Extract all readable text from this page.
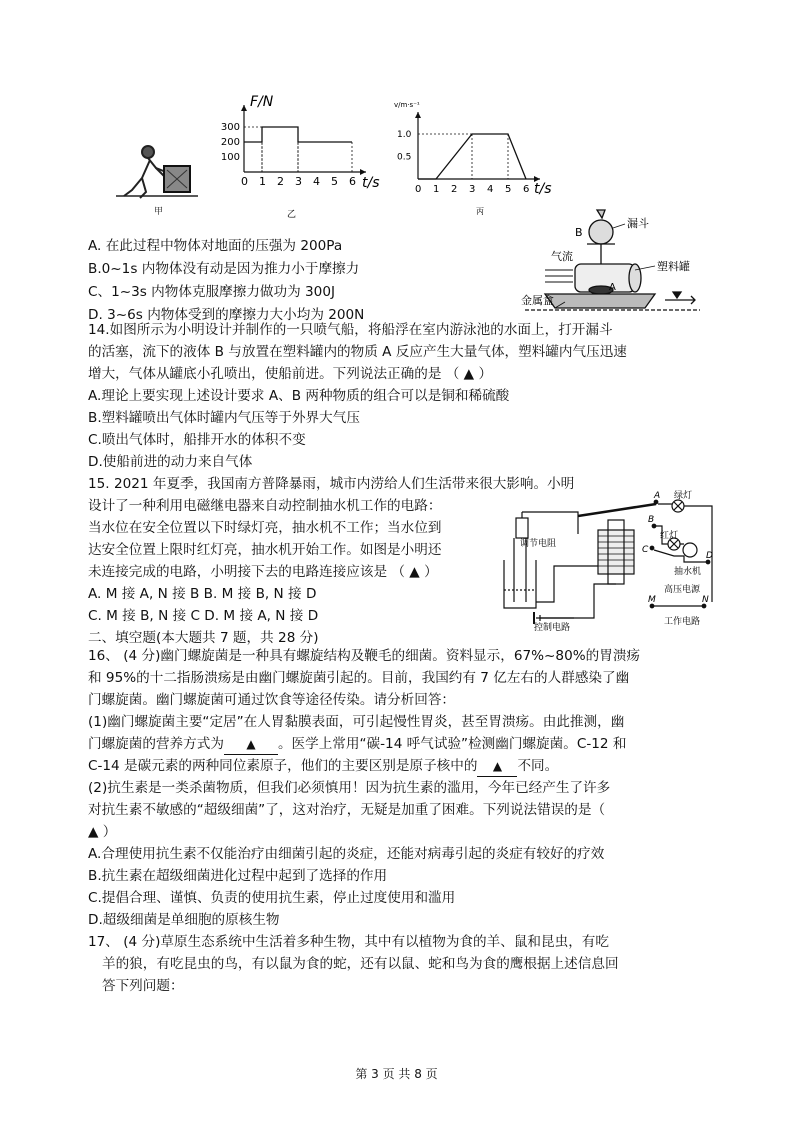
甲
F/N
t/s
乙
0 1 2 3 4 5 6
300
200
100
v/m·s⁻¹
t/s
丙
0 1 2 3 4 5 6
1.0
0.5
A. 在此过程中物体对地面的压强为 200Pa
B.0~1s 内物体没有动是因为推力小于摩擦力
C、1~3s 内物体克服摩擦力做功为 300J
D. 3~6s 内物体受到的摩擦力大小均为 200N
漏斗
B
气流
塑料罐
A
金属盒
14.如图所示为小明设计并制作的一只喷气船，将船浮在室内游泳池的水面上，打开漏斗
的活塞，流下的液体 B 与放置在塑料罐内的物质 A 反应产生大量气体，塑料罐内气压迅速
增大，气体从罐底小孔喷出，使船前进。下列说法正确的是 （ ▲ ）
A.理论上要实现上述设计要求 A、B 两种物质的组合可以是铜和稀硫酸
B.塑料罐喷出气体时罐内气压等于外界大气压
C.喷出气体时，船排开水的体积不变
D.使船前进的动力来自气体
15. 2021 年夏季，我国南方普降暴雨，城市内涝给人们生活带来很大影响。小明
设计了一种利用电磁继电器来自动控制抽水机工作的电路：
当水位在安全位置以下时绿灯亮，抽水机不工作；当水位到
达安全位置上限时红灯亮，抽水机开始工作。如图是小明还
未连接完成的电路，小明接下去的电路连接应该是 （ ▲ ）
A. M 接 A, N 接 B B. M 接 B, N 接 D
C. M 接 B, N 接 C D. M 接 A, N 接 D
A 绿灯
B
红灯
C
D
调节电阻
抽水机
高压电源
M	N
控制电路
工作电路
二、填空题(本大题共 7 题，共 28 分)
16、 (4 分)幽门螺旋菌是一种具有螺旋结构及鞭毛的细菌。资料显示，67%~80%的胃溃疡
和 95%的十二指肠溃疡是由幽门螺旋菌引起的。目前，我国约有 7 亿左右的人群感染了幽
门螺旋菌。幽门螺旋菌可通过饮食等途径传染。请分析回答：
(1)幽门螺旋菌主要“定居”在人胃黏膜表面，可引起慢性胃炎，甚至胃溃疡。由此推测，幽
门螺旋菌的营养方式为 ▲ 。医学上常用“碳-14 呼气试验”检测幽门螺旋菌。C-12 和
C-14 是碳元素的两种同位素原子，他们的主要区别是原子核中的 ▲ 不同。
(2)抗生素是一类杀菌物质，但我们必须慎用！因为抗生素的滥用，今年已经产生了许多
对抗生素不敏感的“超级细菌”了，这对治疗，无疑是加重了困难。下列说法错误的是（
▲ ）
A.合理使用抗生素不仅能治疗由细菌引起的炎症，还能对病毒引起的炎症有较好的疗效
B.抗生素在超级细菌进化过程中起到了选择的作用
C.提倡合理、谨慎、负责的使用抗生素，停止过度使用和滥用
D.超级细菌是单细胞的原核生物
17、 (4 分)草原生态系统中生活着多种生物，其中有以植物为食的羊、鼠和昆虫，有吃
羊的狼，有吃昆虫的鸟，有以鼠为食的蛇，还有以鼠、蛇和鸟为食的鹰根据上述信息回
答下列问题：
第 3 页 共 8 页
